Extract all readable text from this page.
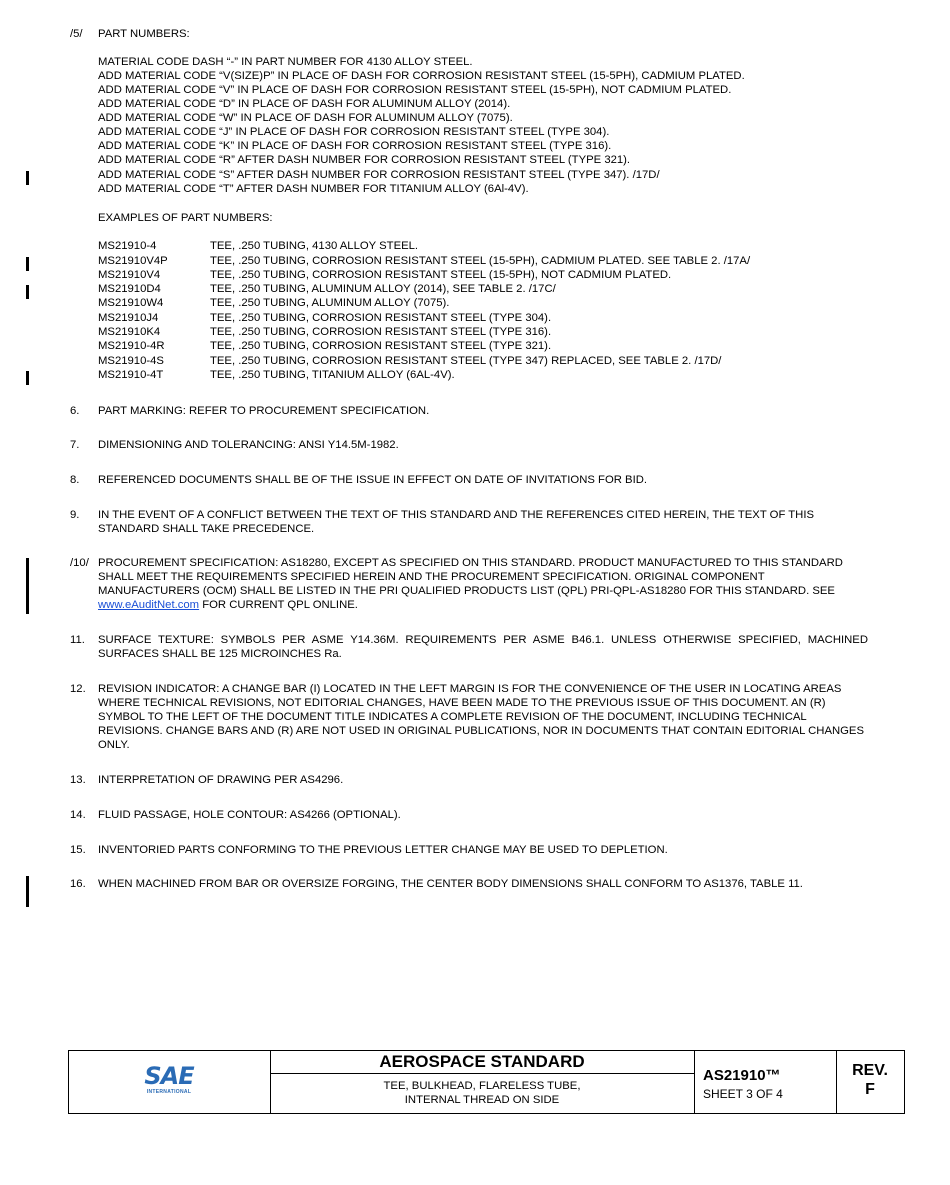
/5/ PART NUMBERS:
MATERIAL CODE DASH “-” IN PART NUMBER FOR 4130 ALLOY STEEL.
ADD MATERIAL CODE “V(SIZE)P” IN PLACE OF DASH FOR CORROSION RESISTANT STEEL (15-5PH), CADMIUM PLATED.
ADD MATERIAL CODE “V” IN PLACE OF DASH FOR CORROSION RESISTANT STEEL (15-5PH), NOT CADMIUM PLATED.
ADD MATERIAL CODE “D” IN PLACE OF DASH FOR ALUMINUM ALLOY (2014).
ADD MATERIAL CODE “W” IN PLACE OF DASH FOR ALUMINUM ALLOY (7075).
ADD MATERIAL CODE “J” IN PLACE OF DASH FOR CORROSION RESISTANT STEEL (TYPE 304).
ADD MATERIAL CODE “K” IN PLACE OF DASH FOR CORROSION RESISTANT STEEL (TYPE 316).
ADD MATERIAL CODE “R” AFTER DASH NUMBER FOR CORROSION RESISTANT STEEL (TYPE 321).
ADD MATERIAL CODE “S” AFTER DASH NUMBER FOR CORROSION RESISTANT STEEL (TYPE 347). /17D/
ADD MATERIAL CODE “T” AFTER DASH NUMBER FOR TITANIUM ALLOY (6Al-4V).
EXAMPLES OF PART NUMBERS:
MS21910-4	TEE, .250 TUBING, 4130 ALLOY STEEL.
MS21910V4P	TEE, .250 TUBING, CORROSION RESISTANT STEEL (15-5PH), CADMIUM PLATED. SEE TABLE 2. /17A/
MS21910V4	TEE, .250 TUBING, CORROSION RESISTANT STEEL (15-5PH), NOT CADMIUM PLATED.
MS21910D4	TEE, .250 TUBING, ALUMINUM ALLOY (2014), SEE TABLE 2. /17C/
MS21910W4	TEE, .250 TUBING, ALUMINUM ALLOY (7075).
MS21910J4	TEE, .250 TUBING, CORROSION RESISTANT STEEL (TYPE 304).
MS21910K4	TEE, .250 TUBING, CORROSION RESISTANT STEEL (TYPE 316).
MS21910-4R	TEE, .250 TUBING, CORROSION RESISTANT STEEL (TYPE 321).
MS21910-4S	TEE, .250 TUBING, CORROSION RESISTANT STEEL (TYPE 347) REPLACED, SEE TABLE 2. /17D/
MS21910-4T	TEE, .250 TUBING, TITANIUM ALLOY (6AL-4V).
6. PART MARKING: REFER TO PROCUREMENT SPECIFICATION.
7. DIMENSIONING AND TOLERANCING: ANSI Y14.5M-1982.
8. REFERENCED DOCUMENTS SHALL BE OF THE ISSUE IN EFFECT ON DATE OF INVITATIONS FOR BID.
9. IN THE EVENT OF A CONFLICT BETWEEN THE TEXT OF THIS STANDARD AND THE REFERENCES CITED HEREIN, THE TEXT OF THIS STANDARD SHALL TAKE PRECEDENCE.
/10/ PROCUREMENT SPECIFICATION: AS18280, EXCEPT AS SPECIFIED ON THIS STANDARD. PRODUCT MANUFACTURED TO THIS STANDARD SHALL MEET THE REQUIREMENTS SPECIFIED HEREIN AND THE PROCUREMENT SPECIFICATION. ORIGINAL COMPONENT MANUFACTURERS (OCM) SHALL BE LISTED IN THE PRI QUALIFIED PRODUCTS LIST (QPL) PRI-QPL-AS18280 FOR THIS STANDARD. SEE www.eAuditNet.com FOR CURRENT QPL ONLINE.
11. SURFACE TEXTURE: SYMBOLS PER ASME Y14.36M. REQUIREMENTS PER ASME B46.1. UNLESS OTHERWISE SPECIFIED, MACHINED SURFACES SHALL BE 125 MICROINCHES Ra.
12. REVISION INDICATOR: A CHANGE BAR (I) LOCATED IN THE LEFT MARGIN IS FOR THE CONVENIENCE OF THE USER IN LOCATING AREAS WHERE TECHNICAL REVISIONS, NOT EDITORIAL CHANGES, HAVE BEEN MADE TO THE PREVIOUS ISSUE OF THIS DOCUMENT. AN (R) SYMBOL TO THE LEFT OF THE DOCUMENT TITLE INDICATES A COMPLETE REVISION OF THE DOCUMENT, INCLUDING TECHNICAL REVISIONS. CHANGE BARS AND (R) ARE NOT USED IN ORIGINAL PUBLICATIONS, NOR IN DOCUMENTS THAT CONTAIN EDITORIAL CHANGES ONLY.
13. INTERPRETATION OF DRAWING PER AS4296.
14. FLUID PASSAGE, HOLE CONTOUR: AS4266 (OPTIONAL).
15. INVENTORIED PARTS CONFORMING TO THE PREVIOUS LETTER CHANGE MAY BE USED TO DEPLETION.
16. WHEN MACHINED FROM BAR OR OVERSIZE FORGING, THE CENTER BODY DIMENSIONS SHALL CONFORM TO AS1376, TABLE 11.
SAE
INTERNATIONAL
AEROSPACE STANDARD
TEE, BULKHEAD, FLARELESS TUBE,
INTERNAL THREAD ON SIDE
AS21910™
SHEET 3 OF 4
REV.
F
